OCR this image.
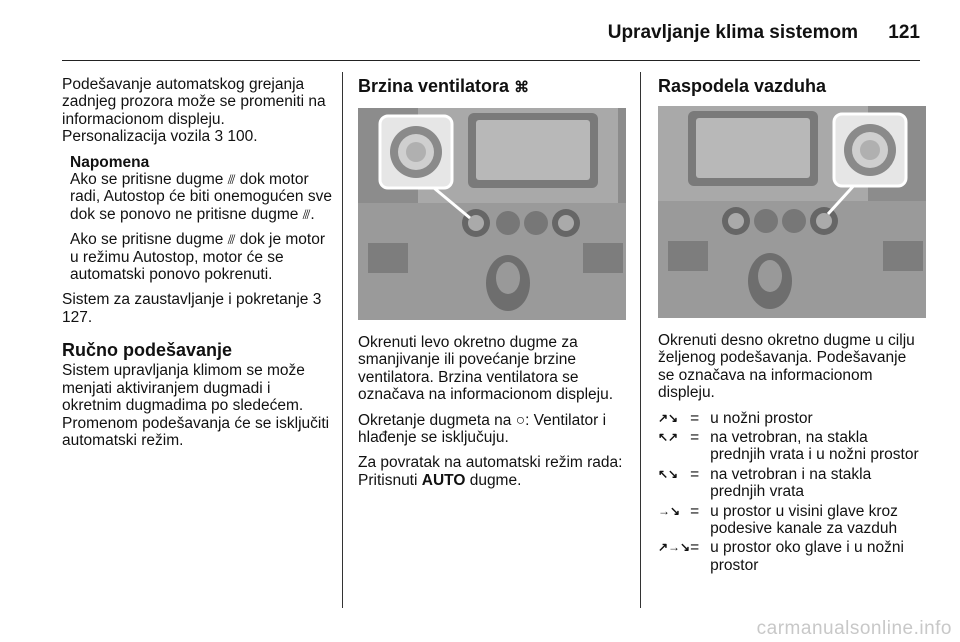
Upravljanje klima sistemom 121

Podešavanje automatskog grejanja zadnjeg prozora može se promeniti na informacionom displeju. Personalizacija vozila 3 100.

Napomena
Ako se pritisne dugme ⫻ dok motor radi, Autostop će biti onemogućen sve dok se ponovo ne pritisne dugme ⫻.

Ako se pritisne dugme ⫻ dok je motor u režimu Autostop, motor će se automatski ponovo pokrenuti.

Sistem za zaustavljanje i pokretanje 3 127.

Ručno podešavanje

Sistem upravljanja klimom se može menjati aktiviranjem dugmadi i okretnim dugmadima po sledećem. Promenom podešavanja će se isključiti automatski režim.

Brzina ventilatora ⌘

Okrenuti levo okretno dugme za smanjivanje ili povećanje brzine ventilatora. Brzina ventilatora se označava na informacionom displeju.

Okretanje dugmeta na ○: Ventilator i hlađenje se isključuju.

Za povratak na automatski režim rada: Pritisnuti AUTO dugme.

Raspodela vazduha

Okrenuti desno okretno dugme u cilju željenog podešavanja. Podešavanje se označava na informacionom displeju.

↗↘	=	u nožni prostor
↖↗	=	na vetrobran, na stakla prednjih vrata i u nožni prostor
↖↘	=	na vetrobran i na stakla prednjih vrata
→↘	=	u prostor u visini glave kroz podesive kanale za vazduh
↗→↘	=	u prostor oko glave i u nožni prostor
carmanualsonline.info
